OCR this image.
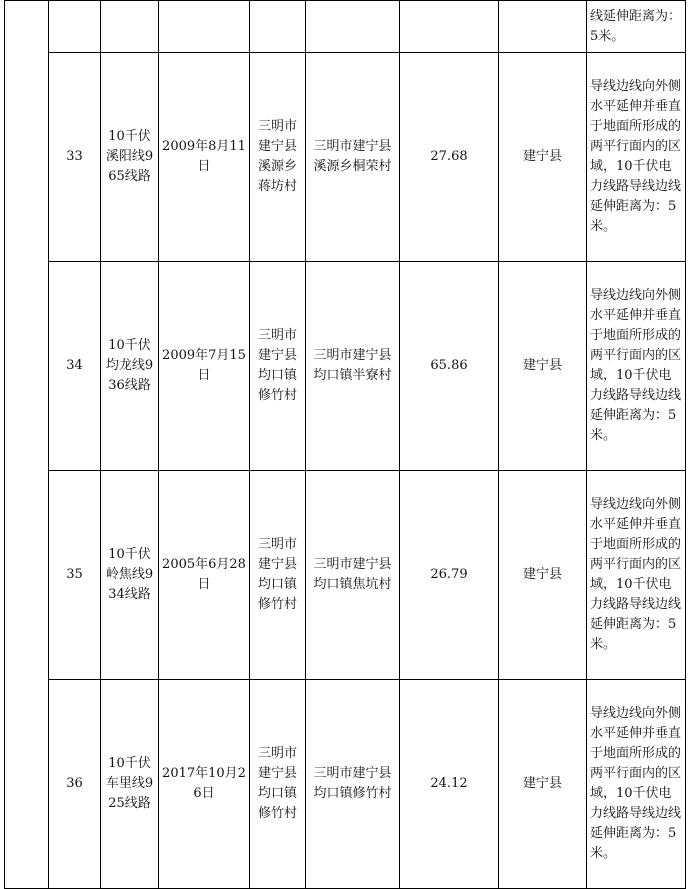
								线延伸距离为：5米。
	33	10千伏溪阳线965线路	2009年8月11日	三明市建宁县溪源乡蒋坊村	三明市建宁县溪源乡桐荣村	27.68	建宁县	导线边线向外侧水平延伸并垂直于地面所形成的两平行面内的区域，10千伏电力线路导线边线延伸距离为：5米。
	34	10千伏均龙线936线路	2009年7月15日	三明市建宁县均口镇修竹村	三明市建宁县均口镇半寮村	65.86	建宁县	导线边线向外侧水平延伸并垂直于地面所形成的两平行面内的区域，10千伏电力线路导线边线延伸距离为：5米。
	35	10千伏岭焦线934线路	2005年6月28日	三明市建宁县均口镇修竹村	三明市建宁县均口镇焦坑村	26.79	建宁县	导线边线向外侧水平延伸并垂直于地面所形成的两平行面内的区域，10千伏电力线路导线边线延伸距离为：5米。
	36	10千伏车里线925线路	2017年10月26日	三明市建宁县均口镇修竹村	三明市建宁县均口镇修竹村	24.12	建宁县	导线边线向外侧水平延伸并垂直于地面所形成的两平行面内的区域，10千伏电力线路导线边线延伸距离为：5米。
